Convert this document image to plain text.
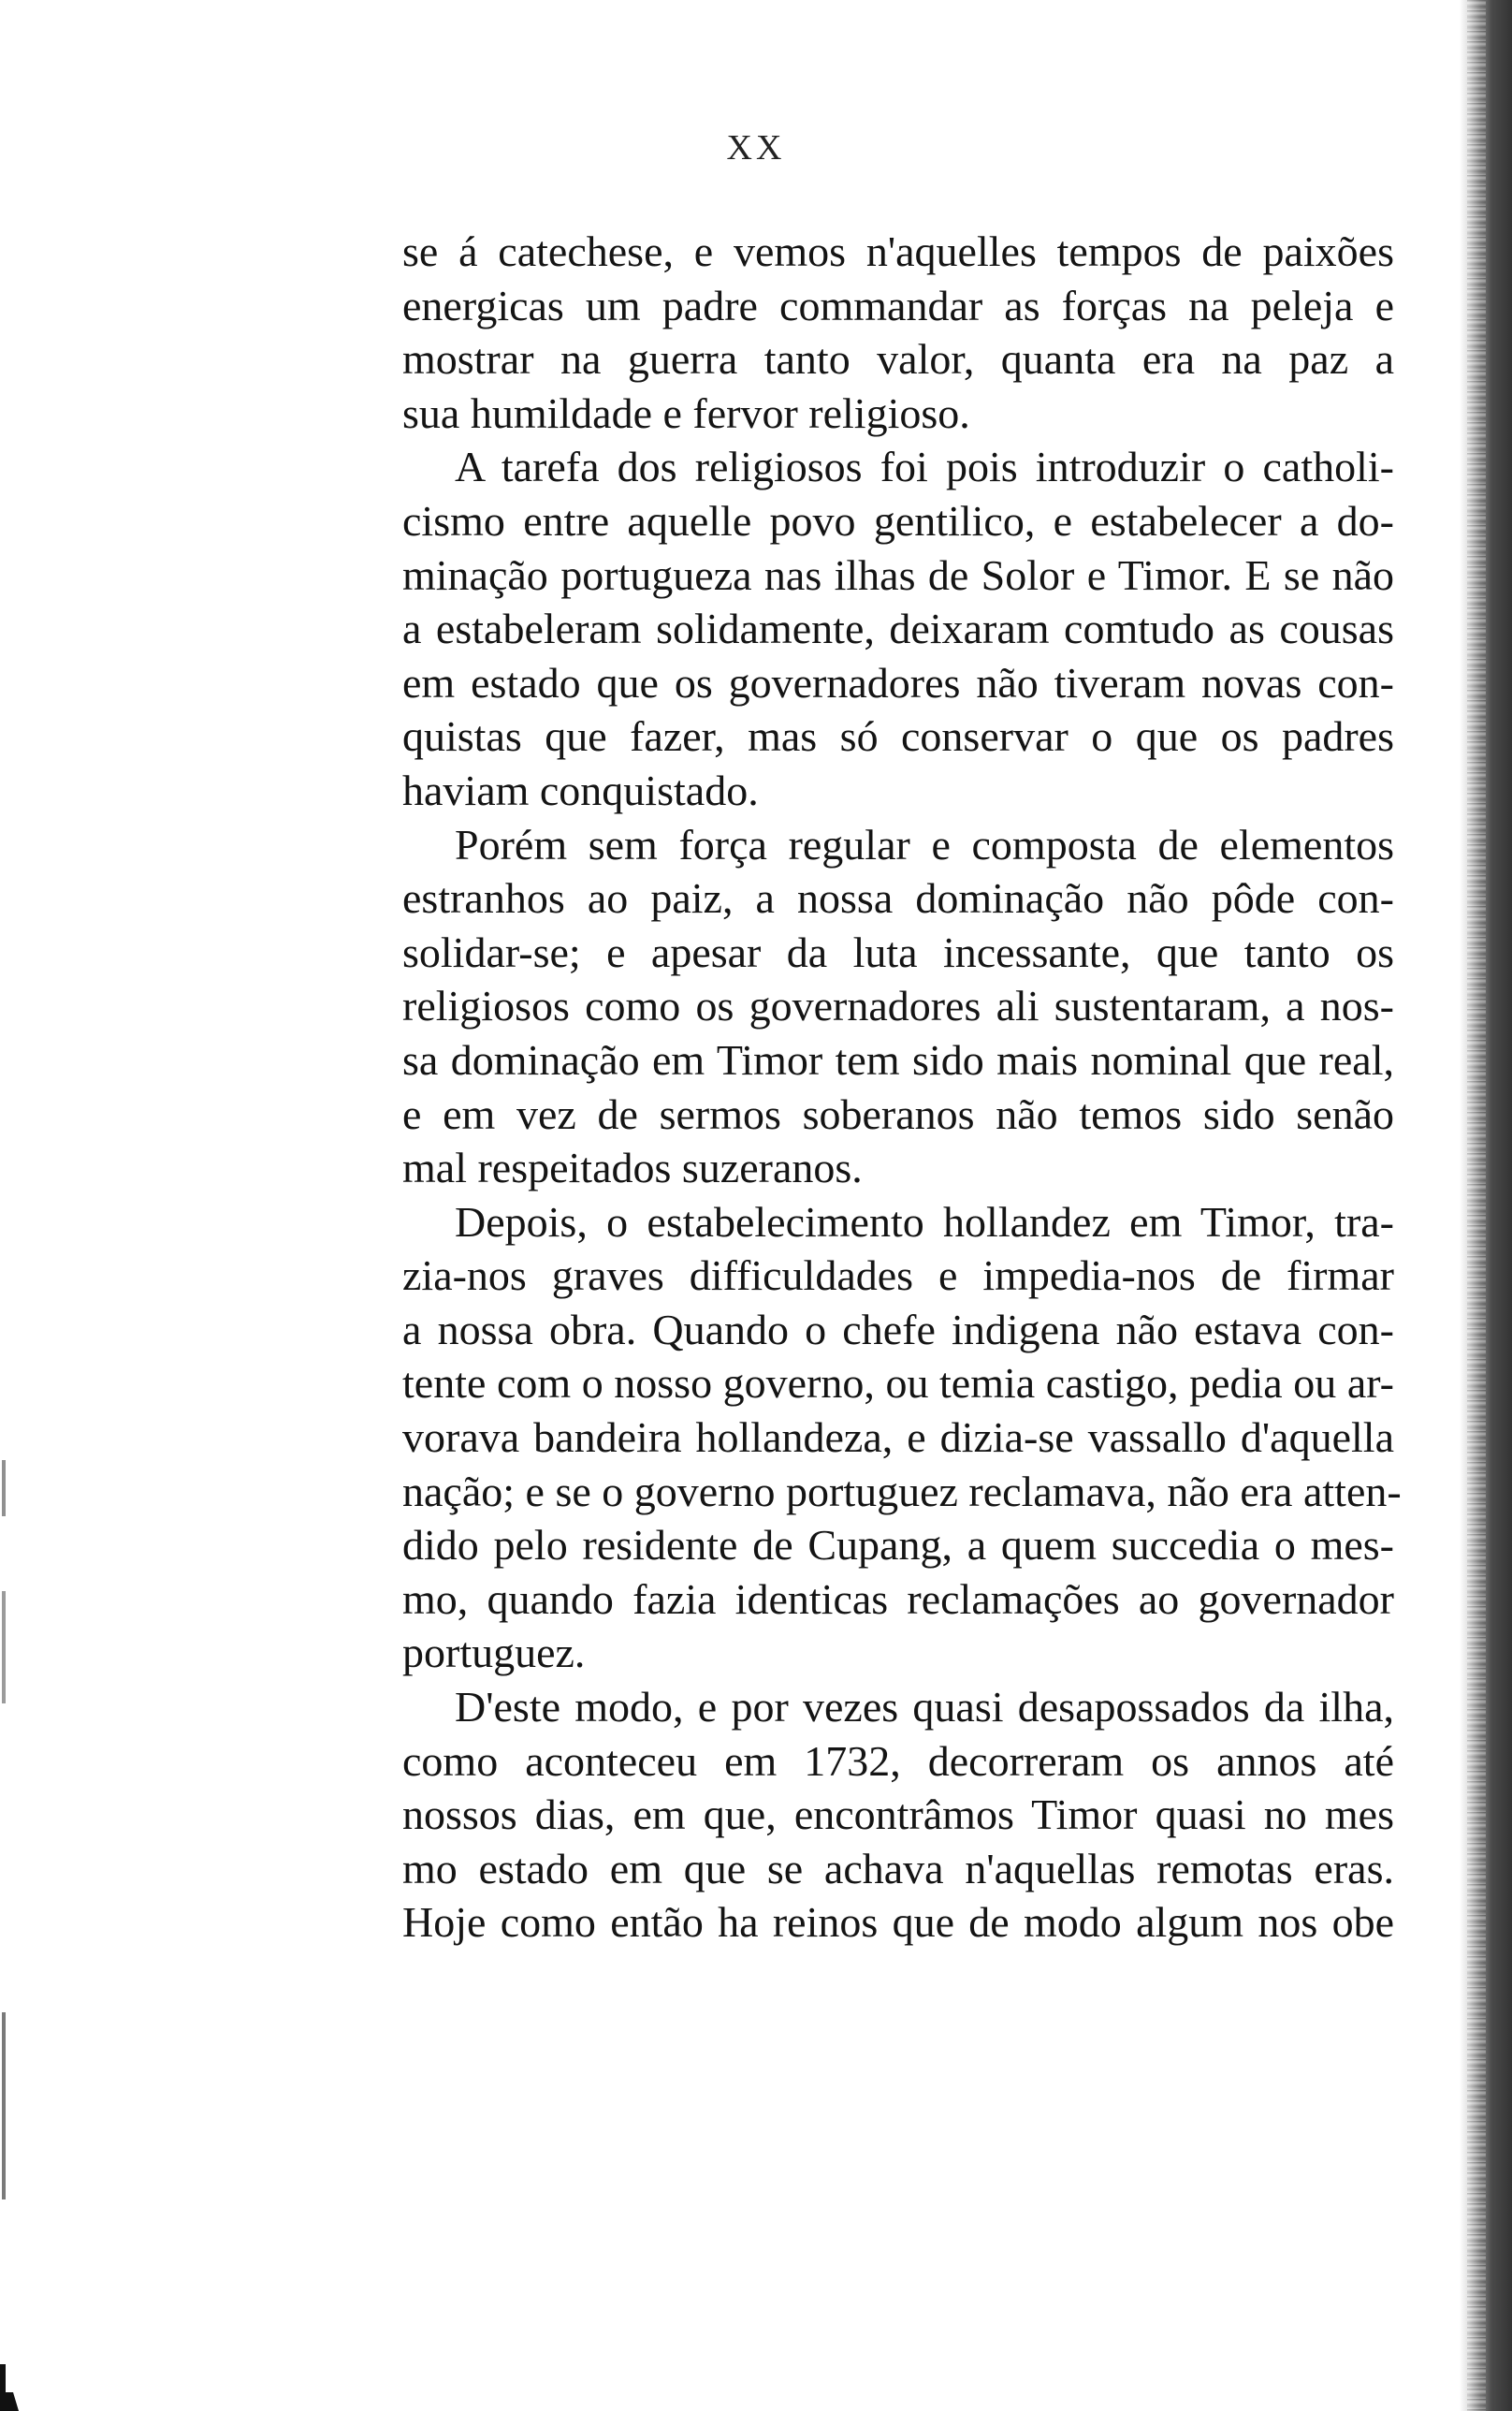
XX
se á catechese, e vemos n'aquelles tempos de paixões
energicas um padre commandar as forças na peleja e
mostrar na guerra tanto valor, quanta era na paz a
sua humildade e fervor religioso.
A tarefa dos religiosos foi pois introduzir o catholi-
cismo entre aquelle povo gentilico, e estabelecer a do-
minação portugueza nas ilhas de Solor e Timor. E se não
a estabeleram solidamente, deixaram comtudo as cousas
em estado que os governadores não tiveram novas con-
quistas que fazer, mas só conservar o que os padres
haviam conquistado.
Porém sem força regular e composta de elementos
estranhos ao paiz, a nossa dominação não pôde con-
solidar-se; e apesar da luta incessante, que tanto os
religiosos como os governadores ali sustentaram, a nos-
sa dominação em Timor tem sido mais nominal que real,
e em vez de sermos soberanos não temos sido senão
mal respeitados suzeranos.
Depois, o estabelecimento hollandez em Timor, tra-
zia-nos graves difficuldades e impedia-nos de firmar
a nossa obra. Quando o chefe indigena não estava con-
tente com o nosso governo, ou temia castigo, pedia ou ar-
vorava bandeira hollandeza, e dizia-se vassallo d'aquella
nação; e se o governo portuguez reclamava, não era atten-
dido pelo residente de Cupang, a quem succedia o mes-
mo, quando fazia identicas reclamações ao governador
portuguez.
D'este modo, e por vezes quasi desapossados da ilha,
como aconteceu em 1732, decorreram os annos até
nossos dias, em que, encontrâmos Timor quasi no mes
mo estado em que se achava n'aquellas remotas eras.
Hoje como então ha reinos que de modo algum nos obe
